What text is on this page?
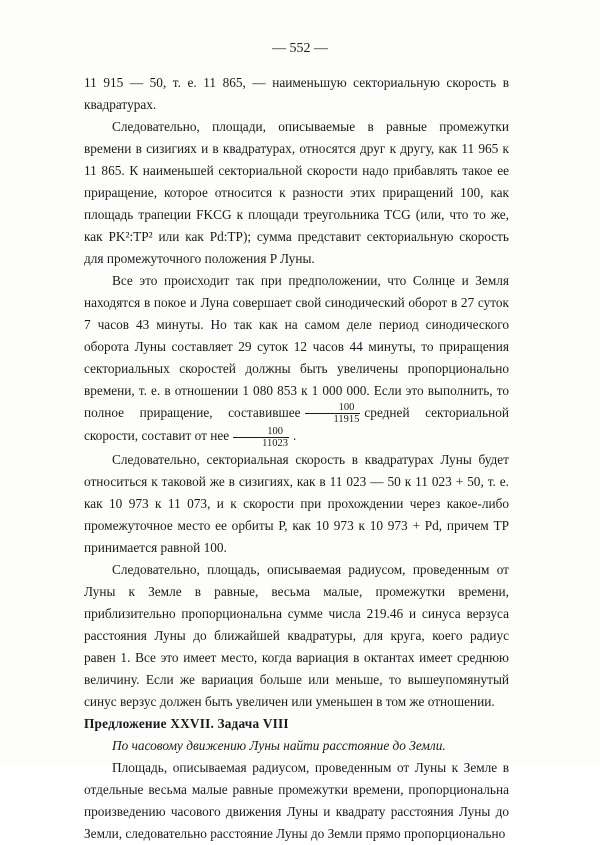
— 552 —

11 915 — 50, т. е. 11 865, — наименьшую секториальную скорость в квадратурах.

Следовательно, площади, описываемые в равные промежутки времени в сизигиях и в квадратурах, относятся друг к другу, как 11 965 к 11 865. К наименьшей секториальной скорости надо прибавлять такое ее приращение, которое относится к разности этих приращений 100, как площадь трапеции FKCG к площади треугольника TCG (или, что то же, как PK²:TP² или как Pd:TP); сумма представит секториальную скорость для промежуточного положения P Луны.

Все это происходит так при предположении, что Солнце и Земля находятся в покое и Луна совершает свой синодический оборот в 27 суток 7 часов 43 минуты. Но так как на самом деле период синодического оборота Луны составляет 29 суток 12 часов 44 минуты, то приращения секториальных скоростей должны быть увеличены пропорционально времени, т. е. в отношении 1 080 853 к 1 000 000. Если это выполнить, то полное приращение, составившее $\frac{100}{11915}$ средней секториальной скорости, составит от нее $\frac{100}{11023}$ .

Следовательно, секториальная скорость в квадратурах Луны будет относиться к таковой же в сизигиях, как в 11 023 — 50 к 11 023 + 50, т. е. как 10 973 к 11 073, и к скорости при прохождении через какое-либо промежуточное место ее орбиты P, как 10 973 к 10 973 + Pd, причем TP принимается равной 100.

Следовательно, площадь, описываемая радиусом, проведенным от Луны к Земле в равные, весьма малые, промежутки времени, приблизительно пропорциональна сумме числа 219.46 и синуса верзуса расстояния Луны до ближайшей квадратуры, для круга, коего радиус равен 1. Все это имеет место, когда вариация в октантах имеет среднюю величину. Если же вариация больше или меньше, то вышеупомянутый синус верзус должен быть увеличен или уменьшен в том же отношении.

Предложение XXVII. Задача VIII

По часовому движению Луны найти расстояние до Земли.

Площадь, описываемая радиусом, проведенным от Луны к Земле в отдельные весьма малые равные промежутки времени, пропорциональна произведению часового движения Луны и квадрату расстояния Луны до Земли, следовательно расстояние Луны до Земли прямо пропорционально
